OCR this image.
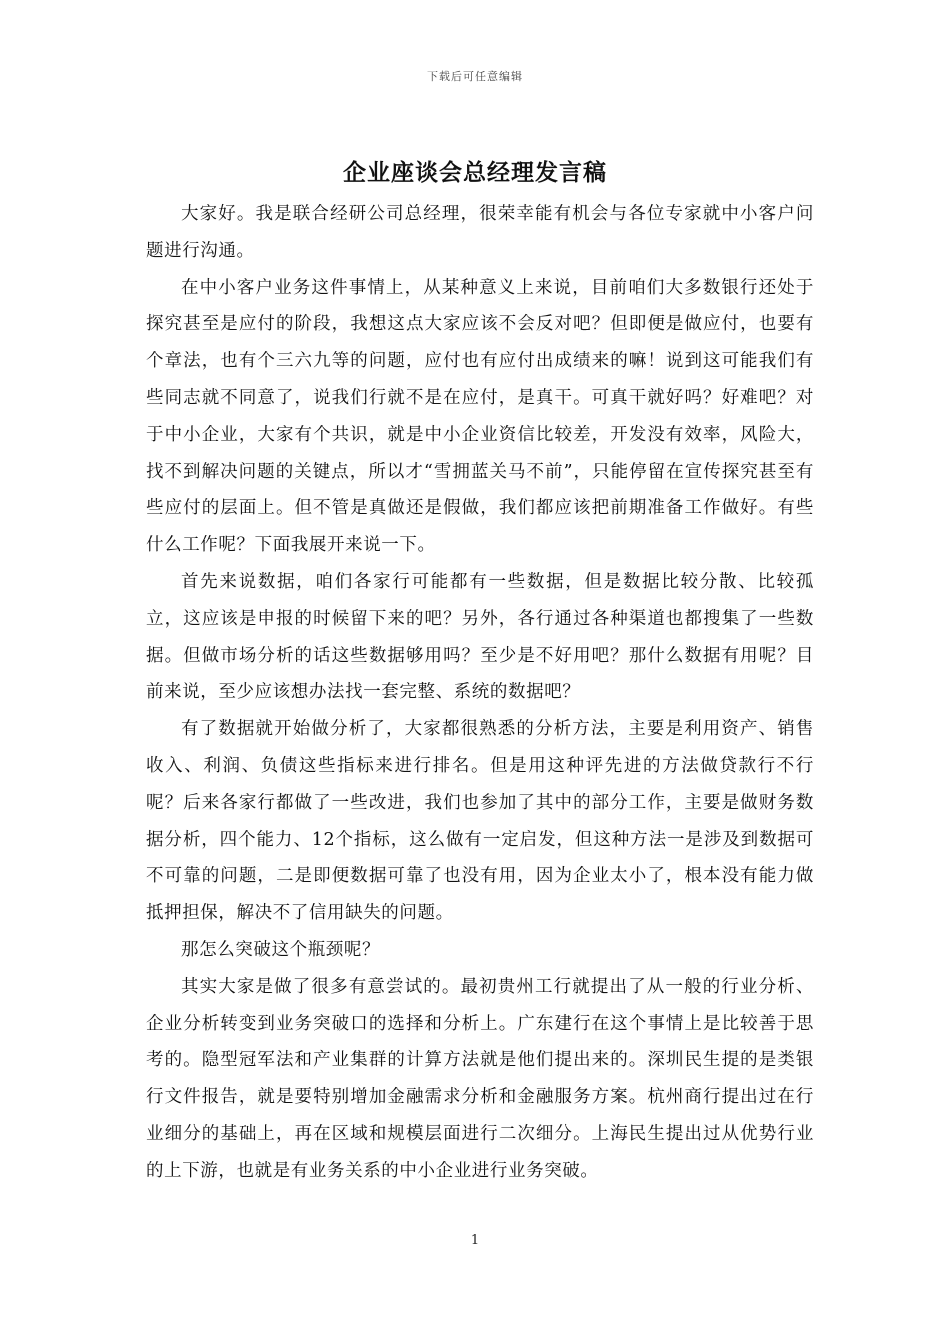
下载后可任意编辑
企业座谈会总经理发言稿

大家好。我是联合经研公司总经理，很荣幸能有机会与各位专家就中小客户问题进行沟通。

在中小客户业务这件事情上，从某种意义上来说，目前咱们大多数银行还处于探究甚至是应付的阶段，我想这点大家应该不会反对吧？但即便是做应付，也要有个章法，也有个三六九等的问题，应付也有应付出成绩来的嘛！说到这可能我们有些同志就不同意了，说我们行就不是在应付，是真干。可真干就好吗？好难吧？对于中小企业，大家有个共识，就是中小企业资信比较差，开发没有效率，风险大，找不到解决问题的关键点，所以才“雪拥蓝关马不前”，只能停留在宣传探究甚至有些应付的层面上。但不管是真做还是假做，我们都应该把前期准备工作做好。有些什么工作呢？下面我展开来说一下。

首先来说数据，咱们各家行可能都有一些数据，但是数据比较分散、比较孤立，这应该是申报的时候留下来的吧？另外，各行通过各种渠道也都搜集了一些数据。但做市场分析的话这些数据够用吗？至少是不好用吧？那什么数据有用呢？目前来说，至少应该想办法找一套完整、系统的数据吧？

有了数据就开始做分析了，大家都很熟悉的分析方法，主要是利用资产、销售收入、利润、负债这些指标来进行排名。但是用这种评先进的方法做贷款行不行呢？后来各家行都做了一些改进，我们也参加了其中的部分工作，主要是做财务数据分析，四个能力、12个指标，这么做有一定启发，但这种方法一是涉及到数据可不可靠的问题，二是即便数据可靠了也没有用，因为企业太小了，根本没有能力做抵押担保，解决不了信用缺失的问题。

那怎么突破这个瓶颈呢？

其实大家是做了很多有意尝试的。最初贵州工行就提出了从一般的行业分析、企业分析转变到业务突破口的选择和分析上。广东建行在这个事情上是比较善于思考的。隐型冠军法和产业集群的计算方法就是他们提出来的。深圳民生提的是类银行文件报告，就是要特别增加金融需求分析和金融服务方案。杭州商行提出过在行业细分的基础上，再在区域和规模层面进行二次细分。上海民生提出过从优势行业的上下游，也就是有业务关系的中小企业进行业务突破。

1
